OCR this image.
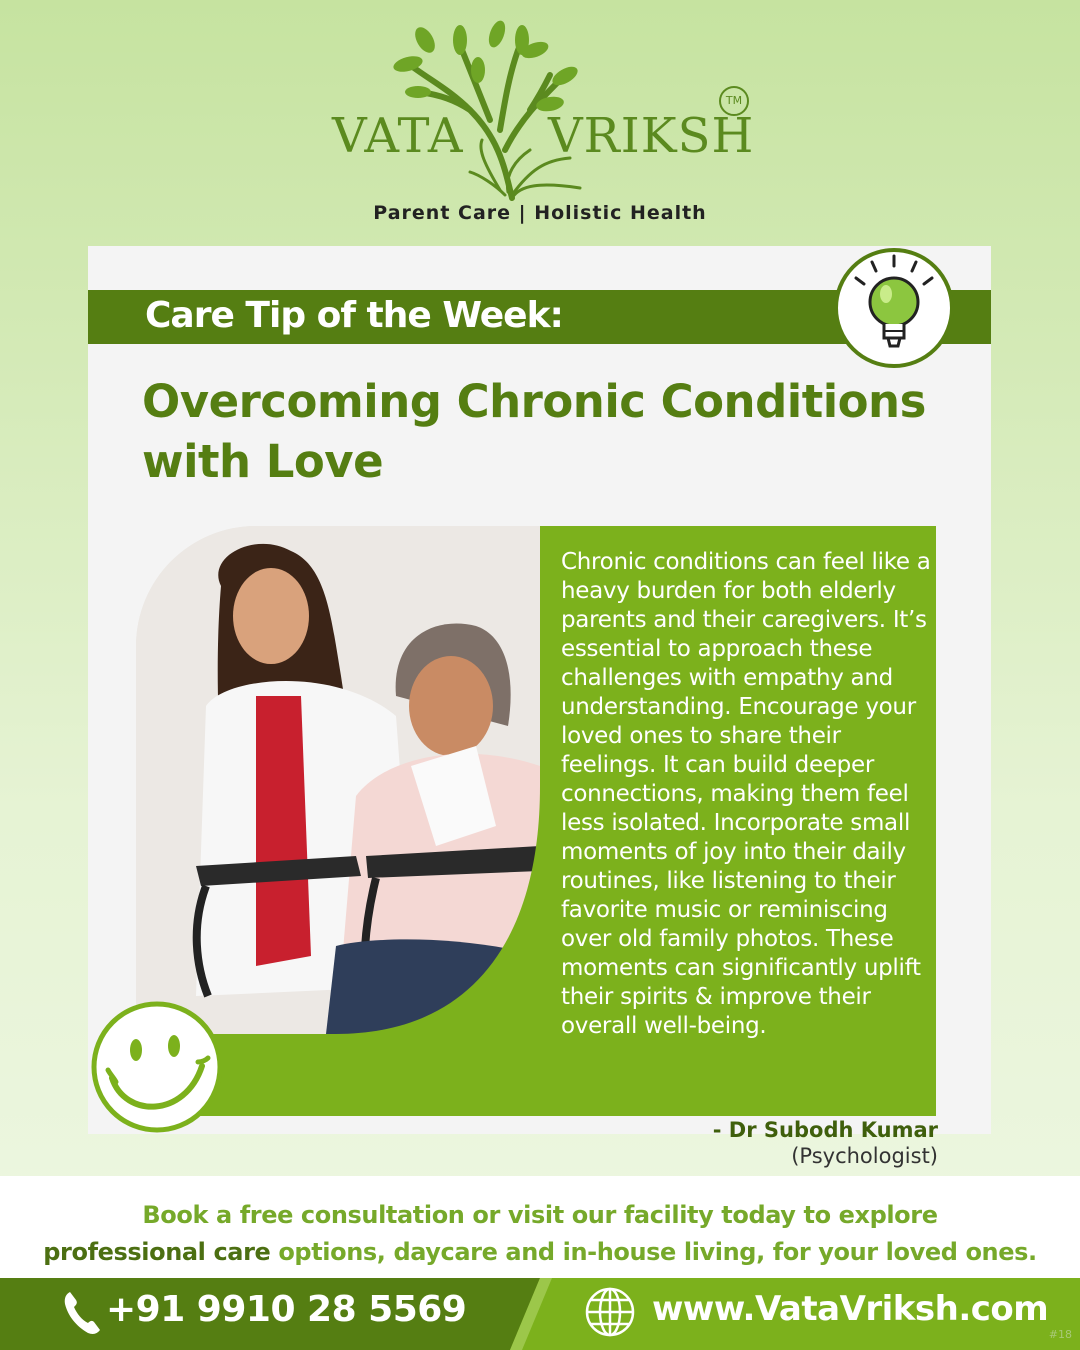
VATA VRIKSH
TM
Parent Care | Holistic Health
Care Tip of the Week:
Overcoming Chronic Conditions with Love
Chronic conditions can feel like a heavy burden for both elderly parents and their caregivers. It’s essential to approach these challenges with empathy and understanding. Encourage your loved ones to share their feelings. It can build deeper connections, making them feel less isolated. Incorporate small moments of joy into their daily routines, like listening to their favorite music or reminiscing over old family photos. These moments can significantly uplift their spirits & improve their overall well-being.
- Dr Subodh Kumar
(Psychologist)
Book a free consultation or visit our facility today to explore
professional care options, daycare and in-house living, for your loved ones.
+91 9910 28 5569	www.VataVriksh.com
#18
